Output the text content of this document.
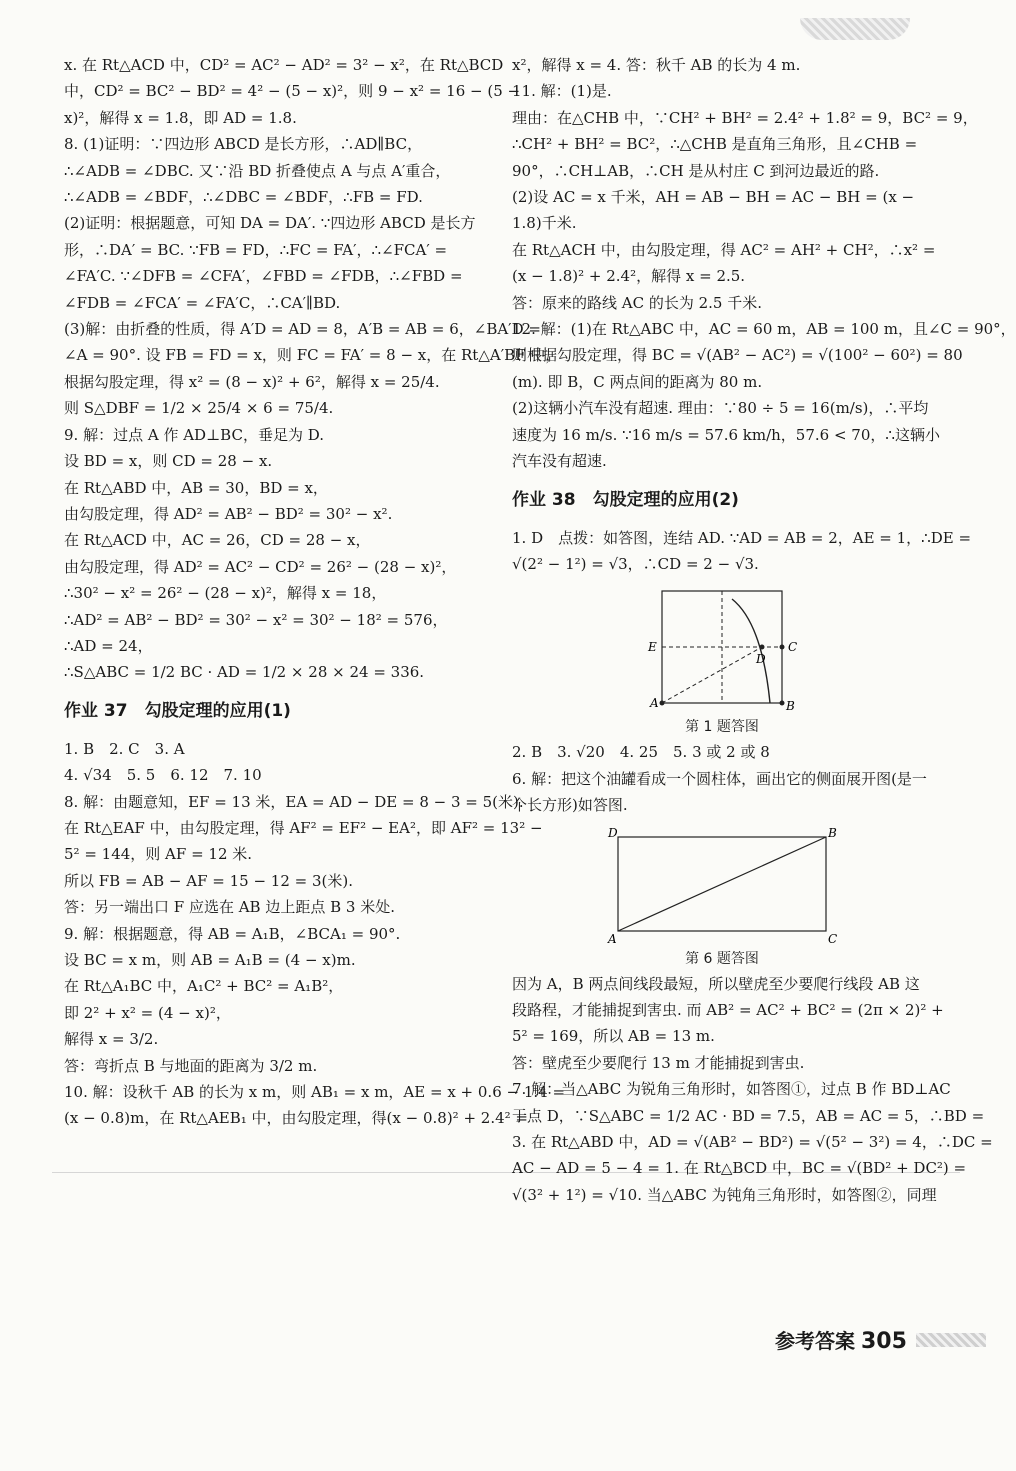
x. 在 Rt△ACD 中，CD² = AC² − AD² = 3² − x²，在 Rt△BCD
中，CD² = BC² − BD² = 4² − (5 − x)²，则 9 − x² = 16 − (5 −
x)²，解得 x = 1.8，即 AD = 1.8.
8. (1)证明：∵四边形 ABCD 是长方形，∴AD∥BC，
∴∠ADB = ∠DBC. 又∵沿 BD 折叠使点 A 与点 A′重合，
∴∠ADB = ∠BDF，∴∠DBC = ∠BDF，∴FB = FD.
(2)证明：根据题意，可知 DA = DA′. ∵四边形 ABCD 是长方
形，∴DA′ = BC. ∵FB = FD，∴FC = FA′，∴∠FCA′ =
∠FA′C. ∵∠DFB = ∠CFA′，∠FBD = ∠FDB，∴∠FBD =
∠FDB = ∠FCA′ = ∠FA′C，∴CA′∥BD.
(3)解：由折叠的性质，得 A′D = AD = 8，A′B = AB = 6，∠BA′D =
∠A = 90°. 设 FB = FD = x，则 FC = FA′ = 8 − x，在 Rt△A′BF 中，
根据勾股定理，得 x² = (8 − x)² + 6²，解得 x = 25/4.
则 S△DBF = 1/2 × 25/4 × 6 = 75/4.
9. 解：过点 A 作 AD⊥BC，垂足为 D.
设 BD = x，则 CD = 28 − x.
在 Rt△ABD 中，AB = 30，BD = x，
由勾股定理，得 AD² = AB² − BD² = 30² − x².
在 Rt△ACD 中，AC = 26，CD = 28 − x，
由勾股定理，得 AD² = AC² − CD² = 26² − (28 − x)²，
∴30² − x² = 26² − (28 − x)²，解得 x = 18，
∴AD² = AB² − BD² = 30² − x² = 30² − 18² = 576，
∴AD = 24，
∴S△ABC = 1/2 BC · AD = 1/2 × 28 × 24 = 336.
作业 37　勾股定理的应用(1)
1. B　2. C　3. A
4. √34　5. 5　6. 12　7. 10
8. 解：由题意知，EF = 13 米，EA = AD − DE = 8 − 3 = 5(米).
在 Rt△EAF 中，由勾股定理，得 AF² = EF² − EA²，即 AF² = 13² −
5² = 144，则 AF = 12 米.
所以 FB = AB − AF = 15 − 12 = 3(米).
答：另一端出口 F 应选在 AB 边上距点 B 3 米处.
9. 解：根据题意，得 AB = A₁B，∠BCA₁ = 90°.
设 BC = x m，则 AB = A₁B = (4 − x)m.
在 Rt△A₁BC 中，A₁C² + BC² = A₁B²，
即 2² + x² = (4 − x)²，
解得 x = 3/2.
答：弯折点 B 与地面的距离为 3/2 m.
10. 解：设秋千 AB 的长为 x m，则 AB₁ = x m，AE = x + 0.6 − 1.4 =
(x − 0.8)m，在 Rt△AEB₁ 中，由勾股定理，得(x − 0.8)² + 2.4² =
x²，解得 x = 4. 答：秋千 AB 的长为 4 m.
11. 解：(1)是.
理由：在△CHB 中，∵CH² + BH² = 2.4² + 1.8² = 9，BC² = 9，
∴CH² + BH² = BC²，∴△CHB 是直角三角形，且∠CHB =
90°，∴CH⊥AB，∴CH 是从村庄 C 到河边最近的路.
(2)设 AC = x 千米，AH = AB − BH = AC − BH = (x −
1.8)千米.
在 Rt△ACH 中，由勾股定理，得 AC² = AH² + CH²，∴x² =
(x − 1.8)² + 2.4²，解得 x = 2.5.
答：原来的路线 AC 的长为 2.5 千米.
12. 解：(1)在 Rt△ABC 中，AC = 60 m，AB = 100 m，且∠C = 90°，
则根据勾股定理，得 BC = √(AB² − AC²) = √(100² − 60²) = 80
(m). 即 B，C 两点间的距离为 80 m.
(2)这辆小汽车没有超速. 理由：∵80 ÷ 5 = 16(m/s)，∴平均
速度为 16 m/s. ∵16 m/s = 57.6 km/h，57.6 < 70，∴这辆小
汽车没有超速.
作业 38　勾股定理的应用(2)
1. D　点拨：如答图，连结 AD. ∵AD = AB = 2，AE = 1，∴DE =
√(2² − 1²) = √3，∴CD = 2 − √3.
A	B
C
D
E
第 1 题答图
2. B　3. √20　4. 25　5. 3 或 2 或 8
6. 解：把这个油罐看成一个圆柱体，画出它的侧面展开图(是一
个长方形)如答图.
D	B
A	C
第 6 题答图
因为 A，B 两点间线段最短，所以壁虎至少要爬行线段 AB 这
段路程，才能捕捉到害虫. 而 AB² = AC² + BC² = (2π × 2)² +
5² = 169，所以 AB = 13 m.
答：壁虎至少要爬行 13 m 才能捕捉到害虫.
7. 解：当△ABC 为锐角三角形时，如答图①，过点 B 作 BD⊥AC
于点 D，∵S△ABC = 1/2 AC · BD = 7.5，AB = AC = 5，∴BD =
3. 在 Rt△ABD 中，AD = √(AB² − BD²) = √(5² − 3²) = 4，∴DC =
AC − AD = 5 − 4 = 1. 在 Rt△BCD 中，BC = √(BD² + DC²) =
√(3² + 1²) = √10. 当△ABC 为钝角三角形时，如答图②，同理
参考答案 305
